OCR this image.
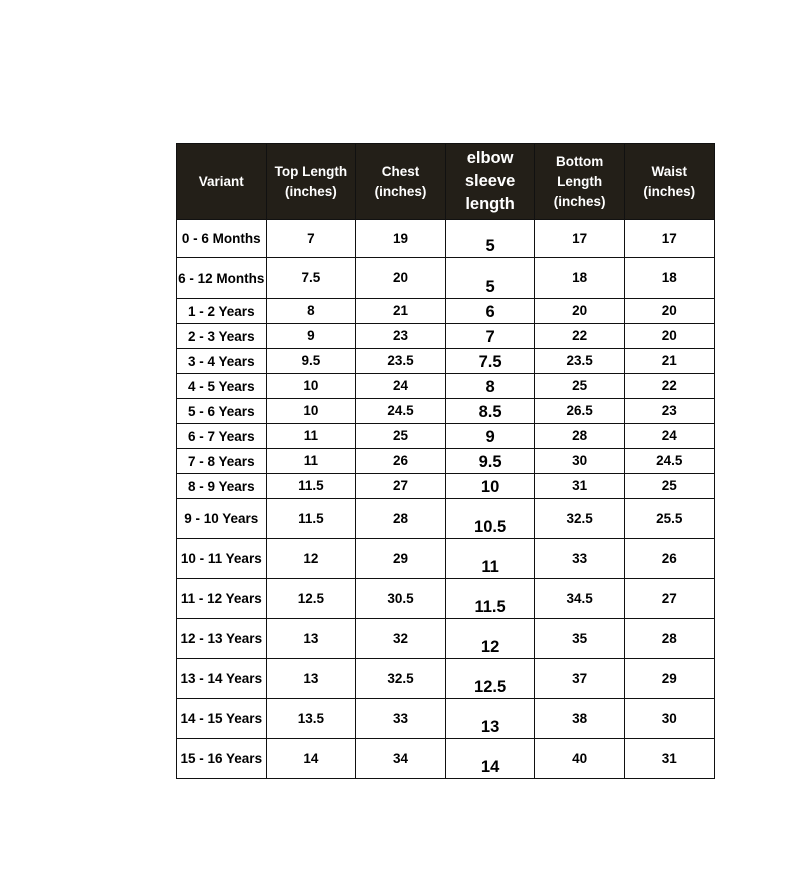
Variant	Top Length (inches)	Chest (inches)	elbow sleeve length	Bottom Length (inches)	Waist (inches)
0 - 6 Months	7	19	5	17	17
6 - 12 Months	7.5	20	5	18	18
1 - 2 Years	8	21	6	20	20
2 - 3 Years	9	23	7	22	20
3 - 4 Years	9.5	23.5	7.5	23.5	21
4 - 5 Years	10	24	8	25	22
5 - 6 Years	10	24.5	8.5	26.5	23
6 - 7 Years	11	25	9	28	24
7 - 8 Years	11	26	9.5	30	24.5
8 - 9 Years	11.5	27	10	31	25
9 - 10 Years	11.5	28	10.5	32.5	25.5
10 - 11 Years	12	29	11	33	26
11 - 12 Years	12.5	30.5	11.5	34.5	27
12 - 13 Years	13	32	12	35	28
13 - 14 Years	13	32.5	12.5	37	29
14 - 15 Years	13.5	33	13	38	30
15 - 16 Years	14	34	14	40	31
